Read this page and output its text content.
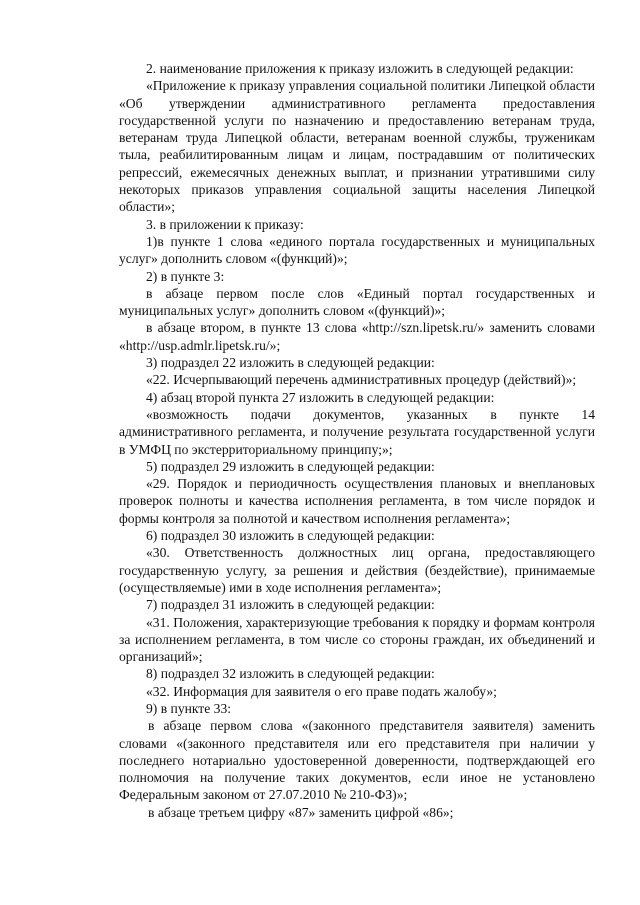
2. наименование приложения к приказу изложить в следующей редакции:

«Приложение к приказу управления социальной политики Липецкой области «Об утверждении административного регламента предоставления государственной услуги по назначению и предоставлению ветеранам труда, ветеранам труда Липецкой области, ветеранам военной службы, труженикам тыла, реабилитированным лицам и лицам, пострадавшим от политических репрессий, ежемесячных денежных выплат, и признании утратившими силу некоторых приказов управления социальной защиты населения Липецкой области»;

3. в приложении к приказу:

1)в пункте 1 слова «единого портала государственных и муниципальных услуг» дополнить словом «(функций)»;

2) в пункте 3:

в абзаце первом после слов «Единый портал государственных и муниципальных услуг» дополнить словом «(функций)»;

в абзаце втором, в пункте 13 слова «http://szn.lipetsk.ru/» заменить словами «http://usp.admlr.lipetsk.ru/»;

3) подраздел 22 изложить в следующей редакции:

«22. Исчерпывающий перечень административных процедур (действий)»;

4) абзац второй пункта 27 изложить в следующей редакции:

«возможность подачи документов, указанных в пункте 14 административного регламента, и получение результата государственной услуги в УМФЦ по экстерриториальному принципу;»;

5) подраздел 29 изложить в следующей редакции:

«29. Порядок и периодичность осуществления плановых и внеплановых проверок полноты и качества исполнения регламента, в том числе порядок и формы контроля за полнотой и качеством исполнения регламента»;

6) подраздел 30 изложить в следующей редакции:

«30. Ответственность должностных лиц органа, предоставляющего государственную услугу, за решения и действия (бездействие), принимаемые (осуществляемые) ими в ходе исполнения регламента»;

7) подраздел 31 изложить в следующей редакции:

«31. Положения, характеризующие требования к порядку и формам контроля за исполнением регламента, в том числе со стороны граждан, их объединений и организаций»;

8) подраздел 32 изложить в следующей редакции:

«32. Информация для заявителя о его праве подать жалобу»;

9) в пункте 33:

в абзаце первом слова «(законного представителя заявителя) заменить словами «(законного представителя или его представителя при наличии у последнего нотариально удостоверенной доверенности, подтверждающей его полномочия на получение таких документов, если иное не установлено Федеральным законом от 27.07.2010 № 210-ФЗ)»;

в абзаце третьем цифру «87» заменить цифрой «86»;
